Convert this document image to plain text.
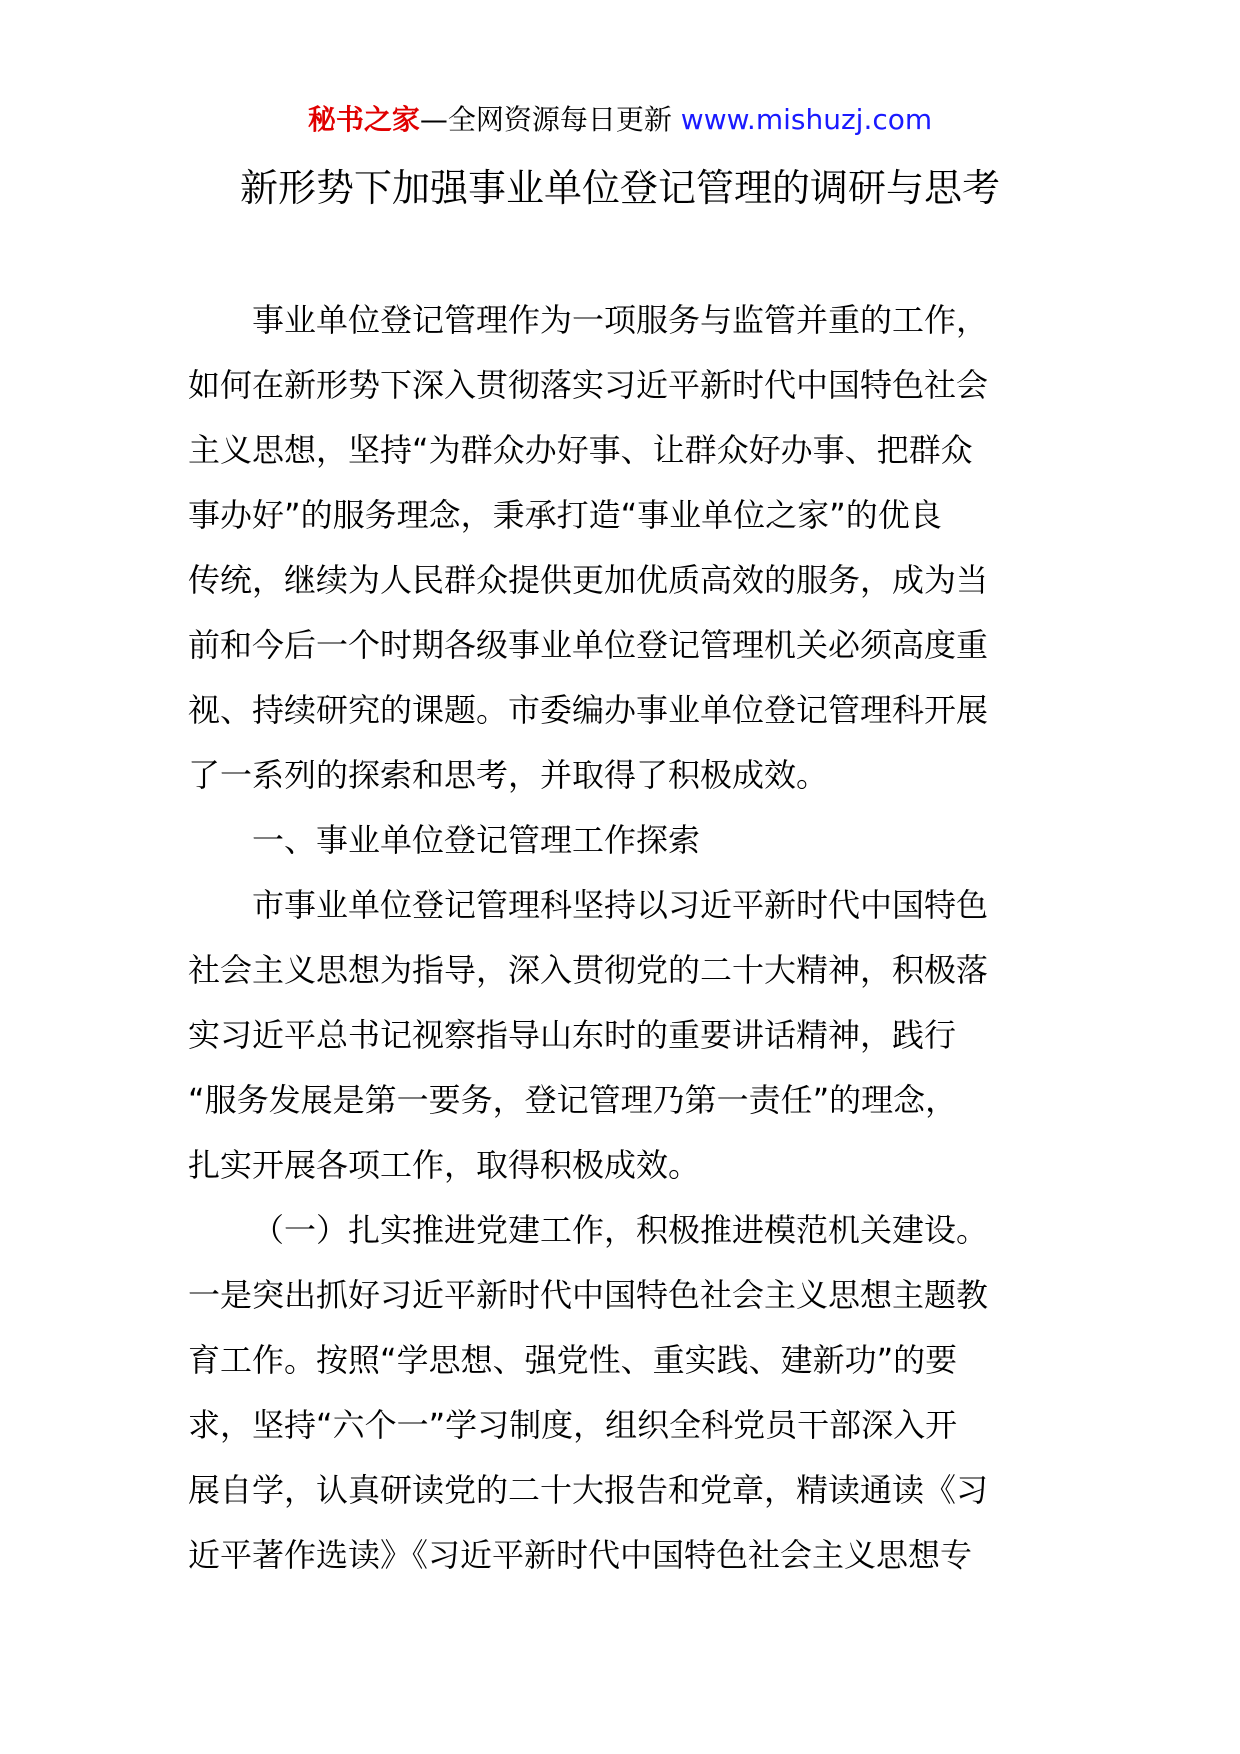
秘书之家—全网资源每日更新 www.mishuzj.com
新形势下加强事业单位登记管理的调研与思考
事业单位登记管理作为一项服务与监管并重的工作，
如何在新形势下深入贯彻落实习近平新时代中国特色社会
主义思想，坚持“为群众办好事、让群众好办事、把群众
事办好”的服务理念，秉承打造“事业单位之家”的优良
传统，继续为人民群众提供更加优质高效的服务，成为当
前和今后一个时期各级事业单位登记管理机关必须高度重
视、持续研究的课题。市委编办事业单位登记管理科开展
了一系列的探索和思考，并取得了积极成效。
一、事业单位登记管理工作探索
市事业单位登记管理科坚持以习近平新时代中国特色
社会主义思想为指导，深入贯彻党的二十大精神，积极落
实习近平总书记视察指导山东时的重要讲话精神，践行
“服务发展是第一要务，登记管理乃第一责任”的理念，
扎实开展各项工作，取得积极成效。
（一）扎实推进党建工作，积极推进模范机关建设。
一是突出抓好习近平新时代中国特色社会主义思想主题教
育工作。按照“学思想、强党性、重实践、建新功”的要
求，坚持“六个一”学习制度，组织全科党员干部深入开
展自学，认真研读党的二十大报告和党章，精读通读《习
近平著作选读》《习近平新时代中国特色社会主义思想专
